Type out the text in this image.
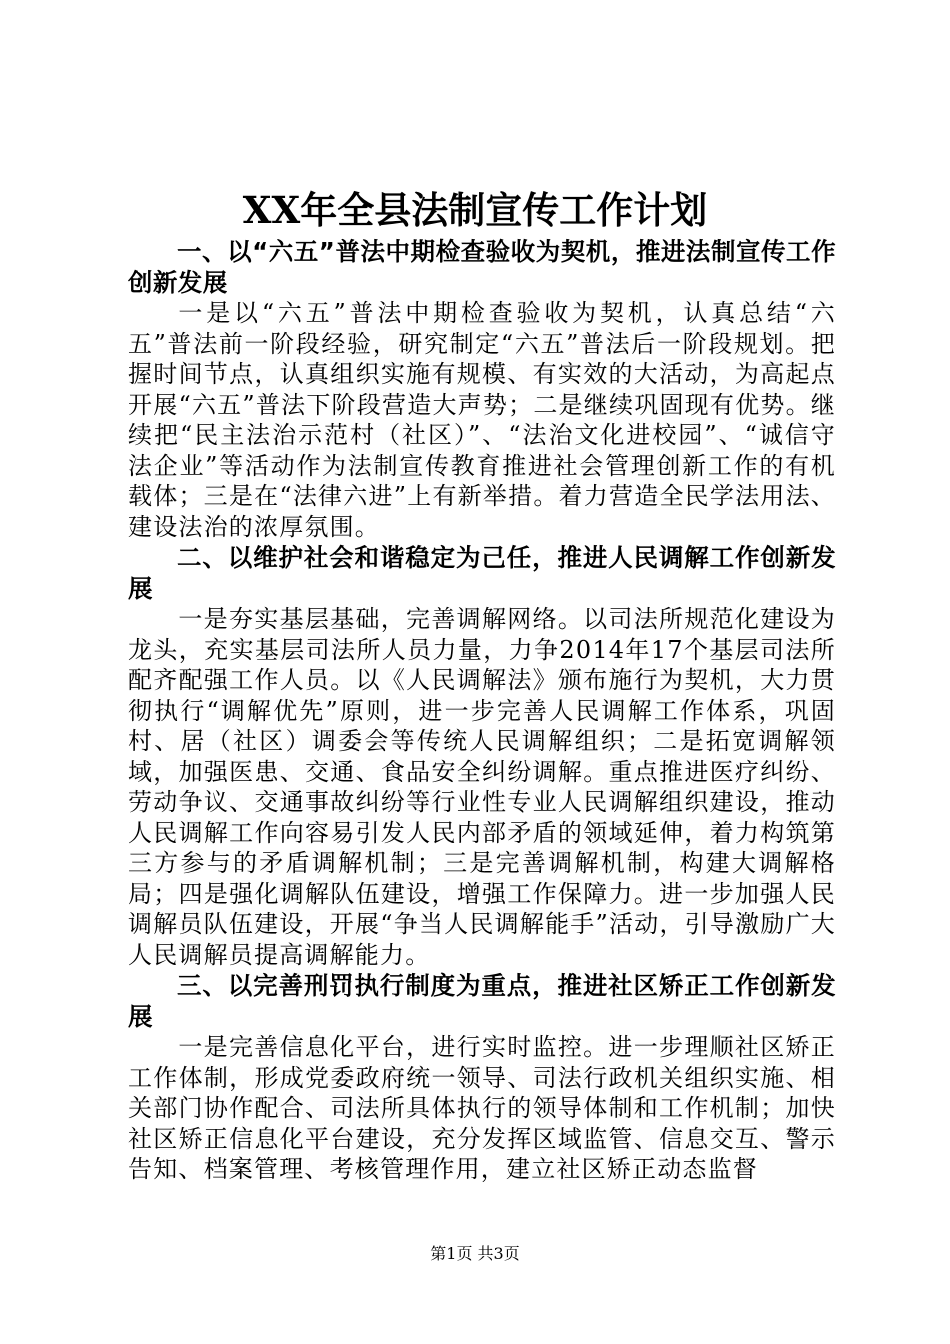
XX年全县法制宣传工作计划

一、以“六五”普法中期检查验收为契机，推进法制宣传工作创新发展

一是以“六五”普法中期检查验收为契机，认真总结“六五”普法前一阶段经验，研究制定“六五”普法后一阶段规划。把握时间节点，认真组织实施有规模、有实效的大活动，为高起点开展“六五”普法下阶段营造大声势；二是继续巩固现有优势。继续把“民主法治示范村（社区）”、“法治文化进校园”、“诚信守法企业”等活动作为法制宣传教育推进社会管理创新工作的有机载体；三是在“法律六进”上有新举措。着力营造全民学法用法、建设法治的浓厚氛围。

二、以维护社会和谐稳定为己任，推进人民调解工作创新发展

一是夯实基层基础，完善调解网络。以司法所规范化建设为龙头，充实基层司法所人员力量，力争2014年17个基层司法所配齐配强工作人员。以《人民调解法》颁布施行为契机，大力贯彻执行“调解优先”原则，进一步完善人民调解工作体系，巩固村、居（社区）调委会等传统人民调解组织；二是拓宽调解领域，加强医患、交通、食品安全纠纷调解。重点推进医疗纠纷、劳动争议、交通事故纠纷等行业性专业人民调解组织建设，推动人民调解工作向容易引发人民内部矛盾的领域延伸，着力构筑第三方参与的矛盾调解机制；三是完善调解机制，构建大调解格局；四是强化调解队伍建设，增强工作保障力。进一步加强人民调解员队伍建设，开展“争当人民调解能手”活动，引导激励广大人民调解员提高调解能力。

三、以完善刑罚执行制度为重点，推进社区矫正工作创新发展

一是完善信息化平台，进行实时监控。进一步理顺社区矫正工作体制，形成党委政府统一领导、司法行政机关组织实施、相关部门协作配合、司法所具体执行的领导体制和工作机制；加快社区矫正信息化平台建设，充分发挥区域监管、信息交互、警示告知、档案管理、考核管理作用，建立社区矫正动态监督

第1页 共3页
